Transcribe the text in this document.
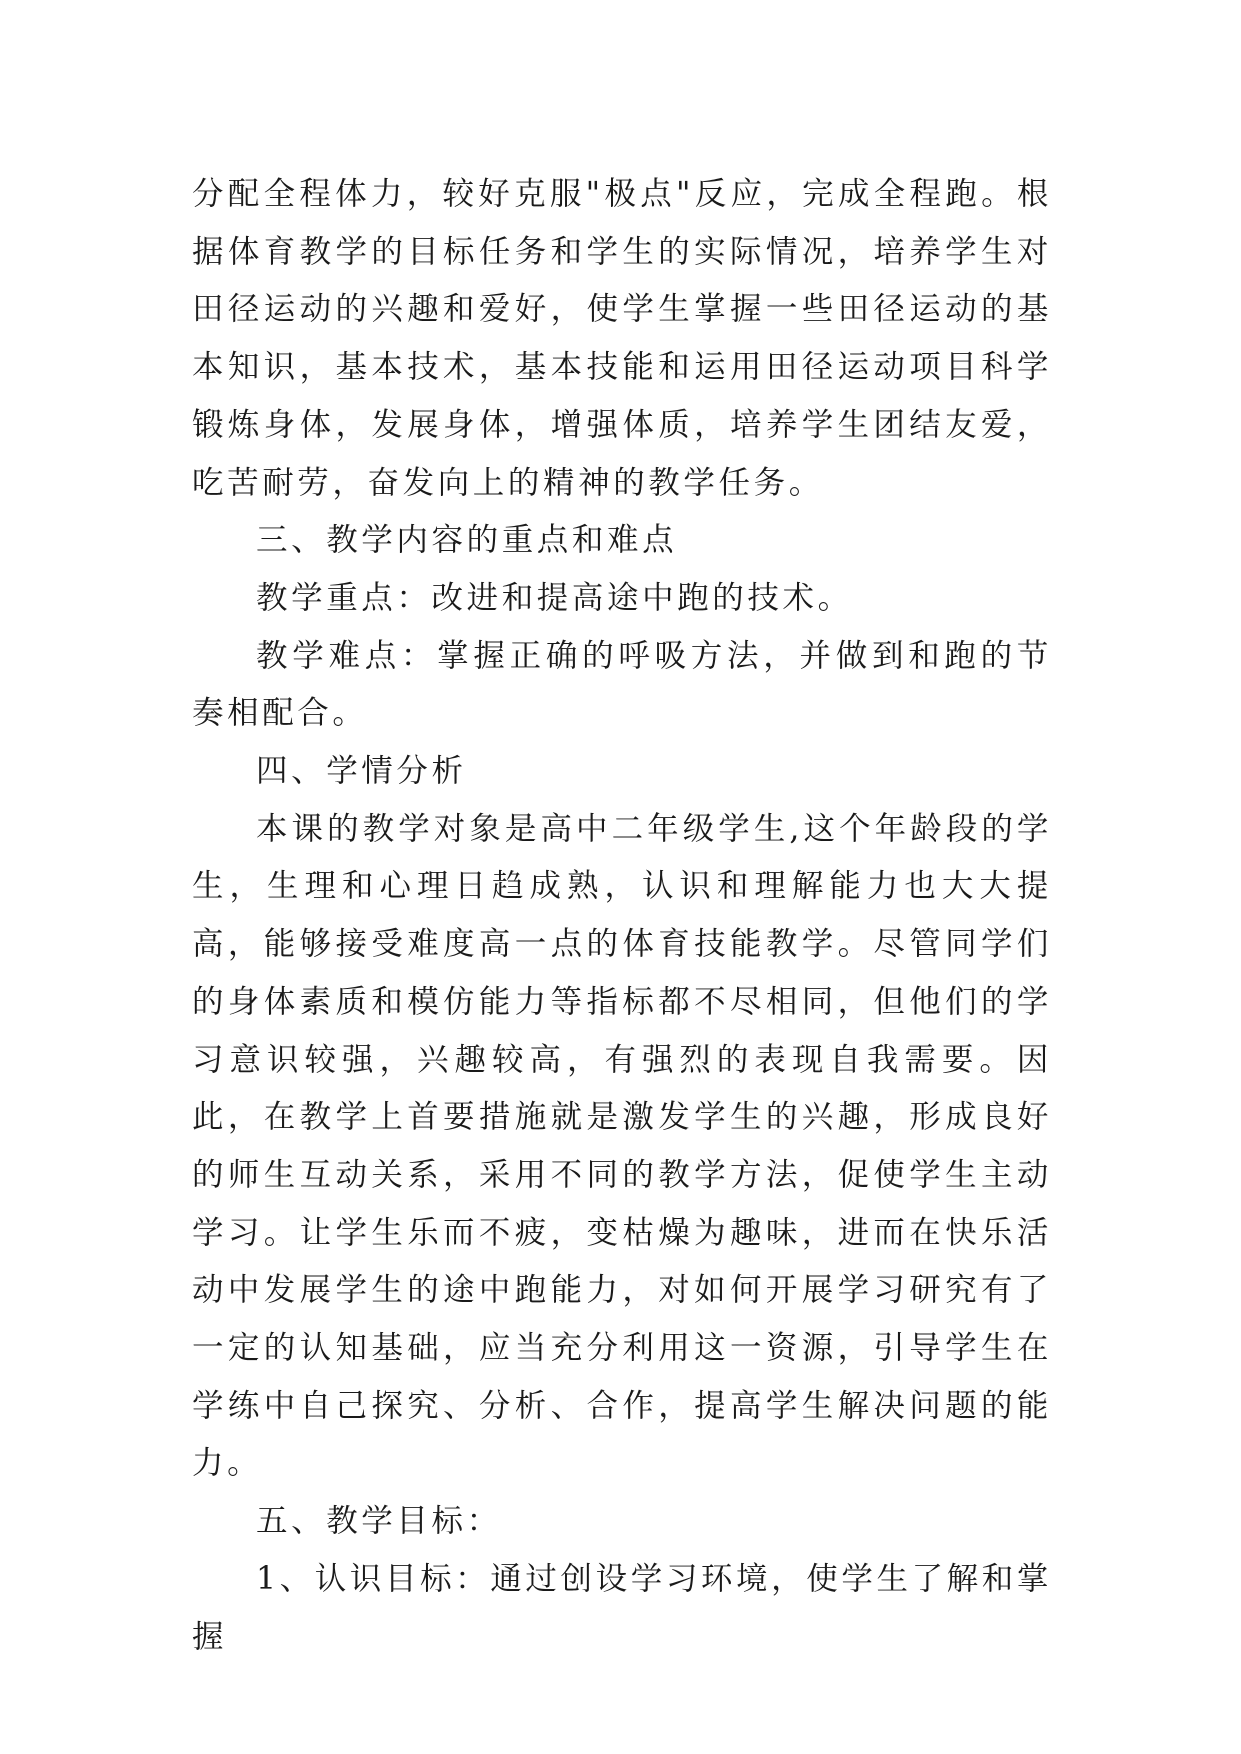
分配全程体力，较好克服"极点"反应，完成全程跑。根据体育教学的目标任务和学生的实际情况，培养学生对田径运动的兴趣和爱好，使学生掌握一些田径运动的基本知识，基本技术，基本技能和运用田径运动项目科学锻炼身体，发展身体，增强体质，培养学生团结友爱，吃苦耐劳，奋发向上的精神的教学任务。

三、教学内容的重点和难点

教学重点：改进和提高途中跑的技术。

教学难点：掌握正确的呼吸方法，并做到和跑的节奏相配合。

四、学情分析

本课的教学对象是高中二年级学生,这个年龄段的学生，生理和心理日趋成熟，认识和理解能力也大大提高，能够接受难度高一点的体育技能教学。尽管同学们的身体素质和模仿能力等指标都不尽相同，但他们的学习意识较强，兴趣较高，有强烈的表现自我需要。因此，在教学上首要措施就是激发学生的兴趣，形成良好的师生互动关系，采用不同的教学方法，促使学生主动学习。让学生乐而不疲，变枯燥为趣味，进而在快乐活动中发展学生的途中跑能力，对如何开展学习研究有了一定的认知基础，应当充分利用这一资源，引导学生在学练中自己探究、分析、合作，提高学生解决问题的能力。

五、教学目标：

1、认识目标：通过创设学习环境，使学生了解和掌握
